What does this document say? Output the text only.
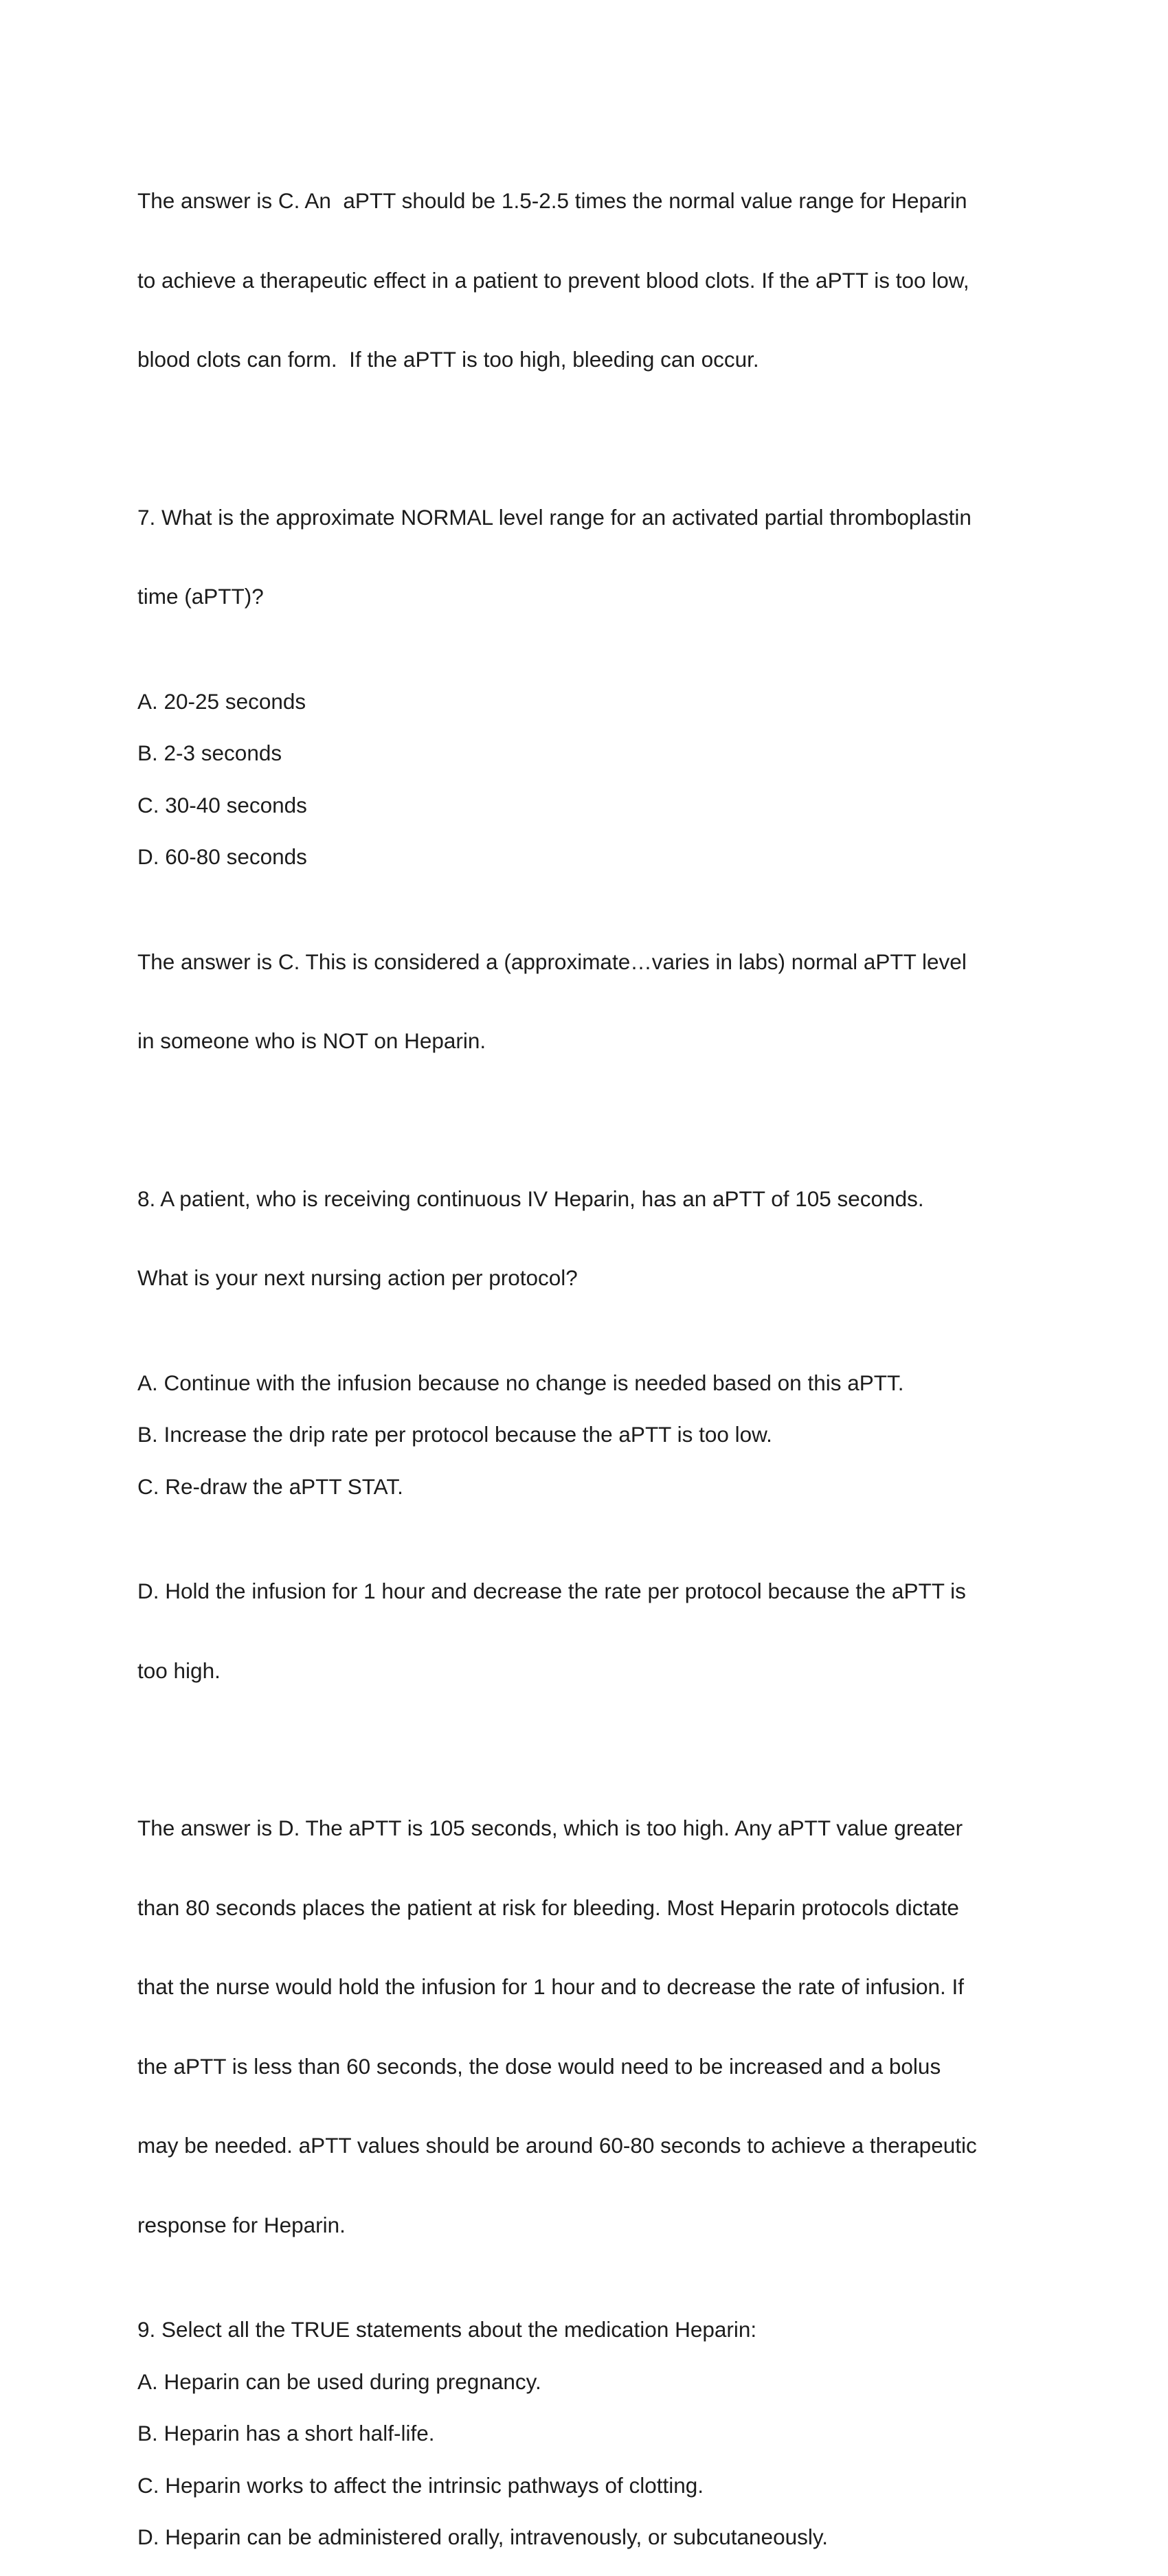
The answer is C. An  aPTT should be 1.5-2.5 times the normal value range for Heparin

to achieve a therapeutic effect in a patient to prevent blood clots. If the aPTT is too low,

blood clots can form.  If the aPTT is too high, bleeding can occur.

7. What is the approximate NORMAL level range for an activated partial thromboplastin

time (aPTT)?

A. 20-25 seconds

B. 2-3 seconds

C. 30-40 seconds

D. 60-80 seconds

The answer is C. This is considered a (approximate…varies in labs) normal aPTT level

in someone who is NOT on Heparin.

8. A patient, who is receiving continuous IV Heparin, has an aPTT of 105 seconds.

What is your next nursing action per protocol?

A. Continue with the infusion because no change is needed based on this aPTT.

B. Increase the drip rate per protocol because the aPTT is too low.

C. Re-draw the aPTT STAT.

D. Hold the infusion for 1 hour and decrease the rate per protocol because the aPTT is

too high.

The answer is D. The aPTT is 105 seconds, which is too high. Any aPTT value greater

than 80 seconds places the patient at risk for bleeding. Most Heparin protocols dictate

that the nurse would hold the infusion for 1 hour and to decrease the rate of infusion. If

the aPTT is less than 60 seconds, the dose would need to be increased and a bolus

may be needed. aPTT values should be around 60-80 seconds to achieve a therapeutic

response for Heparin.

9. Select all the TRUE statements about the medication Heparin:

A. Heparin can be used during pregnancy.

B. Heparin has a short half-life.

C. Heparin works to affect the intrinsic pathways of clotting.

D. Heparin can be administered orally, intravenously, or subcutaneously.
